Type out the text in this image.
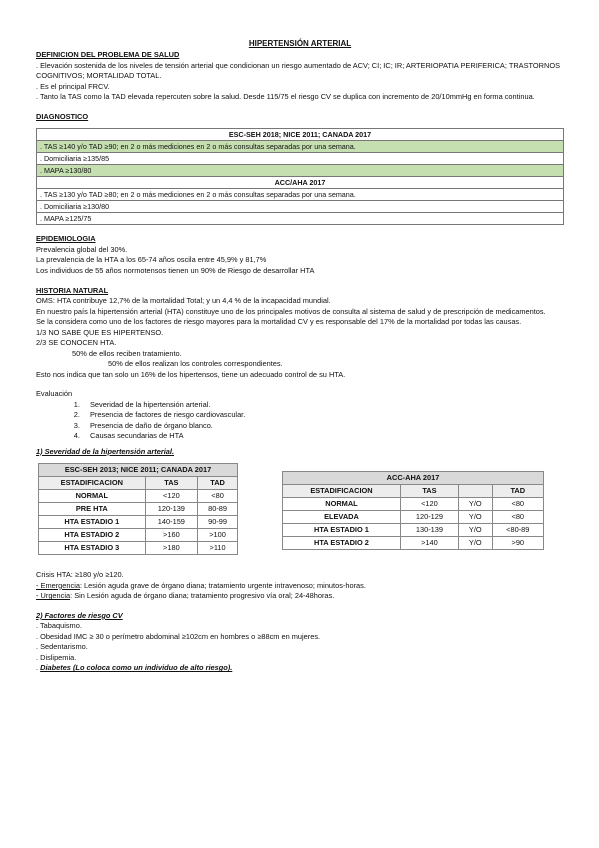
HIPERTENSIÓN ARTERIAL
DEFINICION DEL PROBLEMA DE SALUD
. Elevación sostenida de los niveles de tensión arterial que condicionan un riesgo aumentado de ACV; CI; IC; IR; ARTERIOPATIA PERIFERICA; TRASTORNOS COGNITIVOS; MORTALIDAD TOTAL.
. Es el principal FRCV.
. Tanto la TAS como la TAD elevada repercuten sobre la salud. Desde 115/75 el riesgo CV se duplica con incremento de 20/10mmHg en forma continua.
DIAGNOSTICO
ESC-SEH 2018; NICE 2011; CANADA 2017
. TAS ≥140 y/o TAD ≥90; en 2 o más mediciones en 2 o más consultas separadas por una semana.
. Domiciliaria ≥135/85
. MAPA ≥130/80
ACC/AHA 2017
. TAS ≥130 y/o TAD ≥80; en 2 o más mediciones en 2 o más consultas separadas por una semana.
. Domiciliaria ≥130/80
. MAPA ≥125/75
EPIDEMIOLOGIA
Prevalencia global del 30%.
La prevalencia de la HTA a los 65-74 años oscila entre 45,9% y 81,7%
Los individuos de 55 años normotensos tienen un 90% de Riesgo de desarrollar HTA
HISTORIA NATURAL
OMS: HTA contribuye 12,7% de la mortalidad Total; y un 4,4 % de la incapacidad mundial.
En nuestro país la hipertensión arterial (HTA) constituye uno de los principales motivos de consulta al sistema de salud y de prescripción de medicamentos.
Se la considera como uno de los factores de riesgo mayores para la mortalidad CV y es responsable del 17% de la mortalidad por todas las causas.
1/3 NO SABE QUE ES HIPERTENSO.
2/3 SE CONOCEN HTA.
50% de ellos reciben tratamiento.
50% de ellos realizan los controles correspondientes.
Esto nos indica que tan solo un 16% de los hipertensos, tiene un adecuado control de su HTA.
Evaluación
1. Severidad de la hipertensión arterial.
2. Presencia de factores de riesgo cardiovascular.
3. Presencia de daño de órgano blanco.
4. Causas secundarias de HTA
1) Severidad de la hipertensión arterial.
ESC-SEH 2013; NICE 2011; CANADA 2017		
ESTADIFICACION	TAS	TAD
NORMAL	<120	<80
PRE HTA	120-139	80-89
HTA ESTADIO 1	140-159	90-99
HTA ESTADIO 2	>160	>100
HTA ESTADIO 3	>180	>110
ACC-AHA 2017			
ESTADIFICACION	TAS		TAD
NORMAL	<120	Y/O	<80
ELEVADA	120-129	Y/O	<80
HTA ESTADIO 1	130-139	Y/O	<80-89
HTA ESTADIO 2	>140	Y/O	>90
Crisis HTA: ≥180 y/o ≥120.
- Emergencia: Lesión aguda grave de órgano diana; tratamiento urgente intravenoso; minutos-horas.
- Urgencia: Sin Lesión aguda de órgano diana; tratamiento progresivo vía oral; 24-48horas.
2) Factores de riesgo CV
. Tabaquismo.
. Obesidad IMC ≥ 30 o perímetro abdominal ≥102cm en hombres o ≥88cm en mujeres.
. Sedentarismo.
. Dislipemia.
. Diabetes (Lo coloca como un individuo de alto riesgo).
